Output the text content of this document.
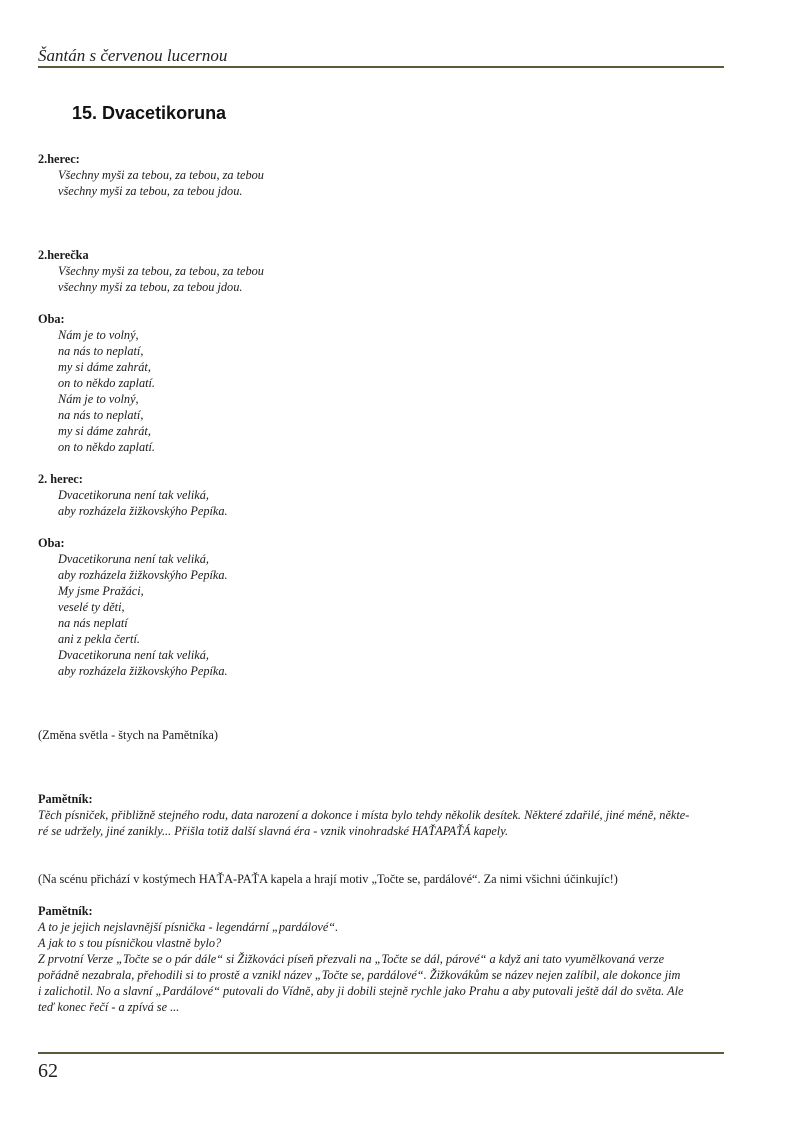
Šantán s červenou lucernou
15. Dvacetikoruna

2.herec:

Všechny myši za tebou, za tebou, za tebou
všechny myši za tebou, za tebou jdou.

2.herečka

Všechny myši za tebou, za tebou, za tebou
všechny myši za tebou, za tebou jdou.

Oba:

Nám je to volný,
na nás to neplatí,
my si dáme zahrát,
on to někdo zaplatí.
Nám je to volný,
na nás to neplatí,
my si dáme zahrát,
on to někdo zaplatí.

2. herec:

Dvacetikoruna není tak veliká,
aby rozházela žižkovskýho Pepíka.

Oba:

Dvacetikoruna není tak veliká,
aby rozházela žižkovskýho Pepíka.
My jsme Pražáci,
veselé ty děti,
na nás neplatí
ani z pekla čertí.
Dvacetikoruna není tak veliká,
aby rozházela žižkovskýho Pepíka.

(Změna světla - štych na Pamětníka)

Pamětník:

Těch písniček, přibližně stejného rodu, data narození a dokonce i místa bylo tehdy několik desítek. Některé zdařilé, jiné méně, někte-
ré se udržely, jiné zanikly... Přišla totiž další slavná éra - vznik vinohradské HAŤAPAŤÁ kapely.

(Na scénu přichází v kostýmech HAŤA-PAŤA kapela a hrají motiv „Točte se, pardálové“. Za nimi všichni účinkujíc!)

Pamětník:

A to je jejich nejslavnější písnička - legendární „pardálové“.
A jak to s tou písničkou vlastně bylo?
Z prvotní Verze „Točte se o pár dále“ si Žižkováci píseň přezvali na „Točte se dál, párové“ a když ani tato vyumělkovaná verze
pořádně nezabrala, přehodili si to prostě a vznikl název „Točte se, pardálové“. Žižkovákům se název nejen zalíbil, ale dokonce jim
i zalichotil. No a slavní „Pardálové“ putovali do Vídně, aby ji dobili stejně rychle jako Prahu a aby putovali ještě dál do světa. Ale
teď konec řečí - a zpívá se ...

62
